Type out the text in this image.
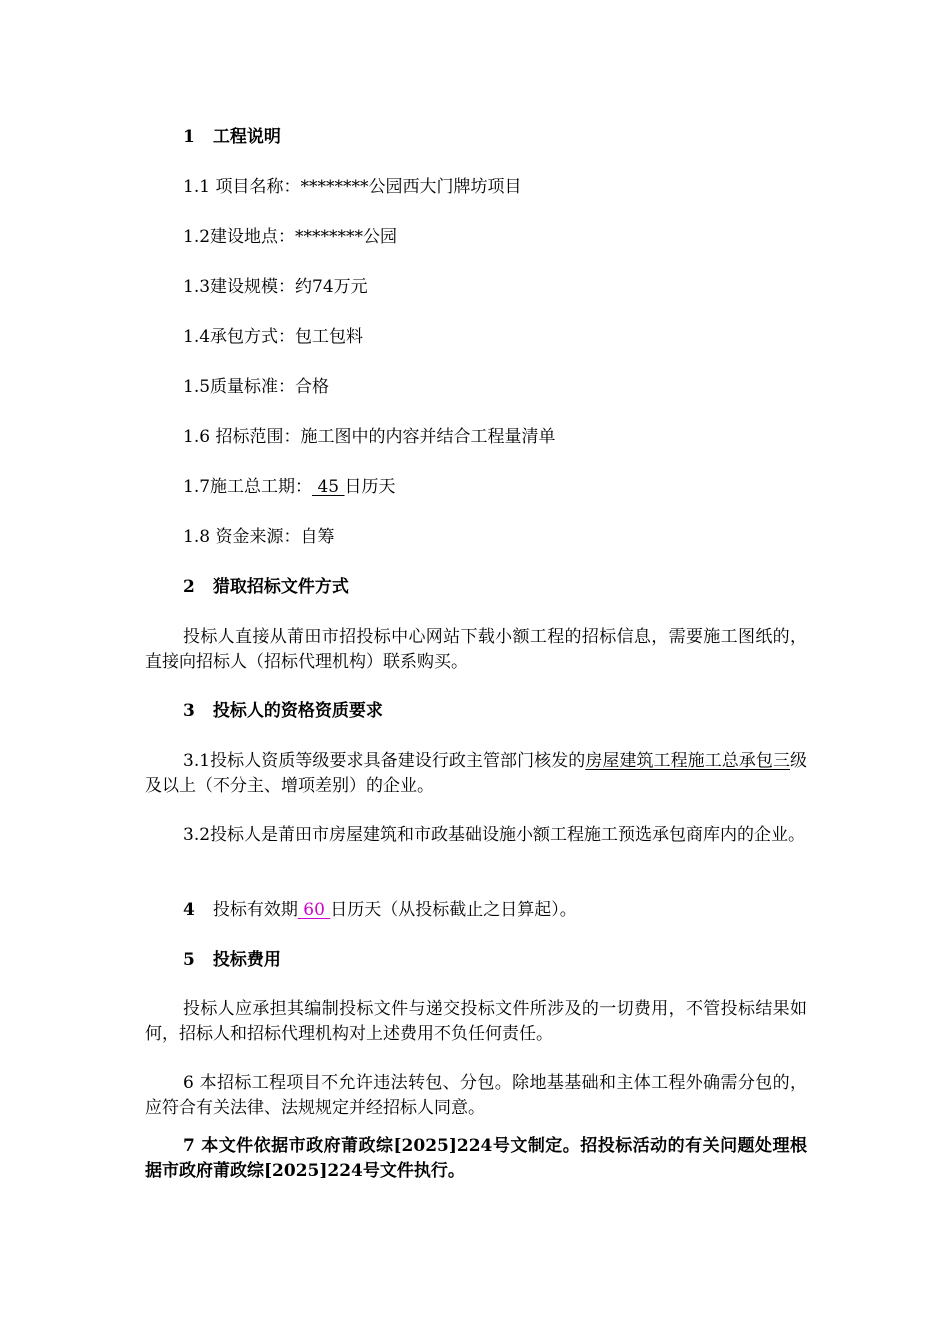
1 工程说明
1.1 项目名称：********公园西大门牌坊项目
1.2建设地点：********公园
1.3建设规模：约74万元
1.4承包方式：包工包料
1.5质量标准：合格
1.6 招标范围：施工图中的内容并结合工程量清单
1.7施工总工期： 45 日历天
1.8 资金来源：自筹
2 猎取招标文件方式
投标人直接从莆田市招投标中心网站下载小额工程的招标信息，需要施工图纸的，直接向招标人（招标代理机构）联系购买。
3 投标人的资格资质要求
3.1投标人资质等级要求具备建设行政主管部门核发的房屋建筑工程施工总承包三级及以上（不分主、增项差别）的企业。
3.2投标人是莆田市房屋建筑和市政基础设施小额工程施工预选承包商库内的企业。
4 投标有效期 60 日历天（从投标截止之日算起）。
5 投标费用
投标人应承担其编制投标文件与递交投标文件所涉及的一切费用，不管投标结果如何，招标人和招标代理机构对上述费用不负任何责任。
6 本招标工程项目不允许违法转包、分包。除地基基础和主体工程外确需分包的，应符合有关法律、法规规定并经招标人同意。
7 本文件依据市政府莆政综[2025]224号文制定。招投标活动的有关问题处理根据市政府莆政综[2025]224号文件执行。
